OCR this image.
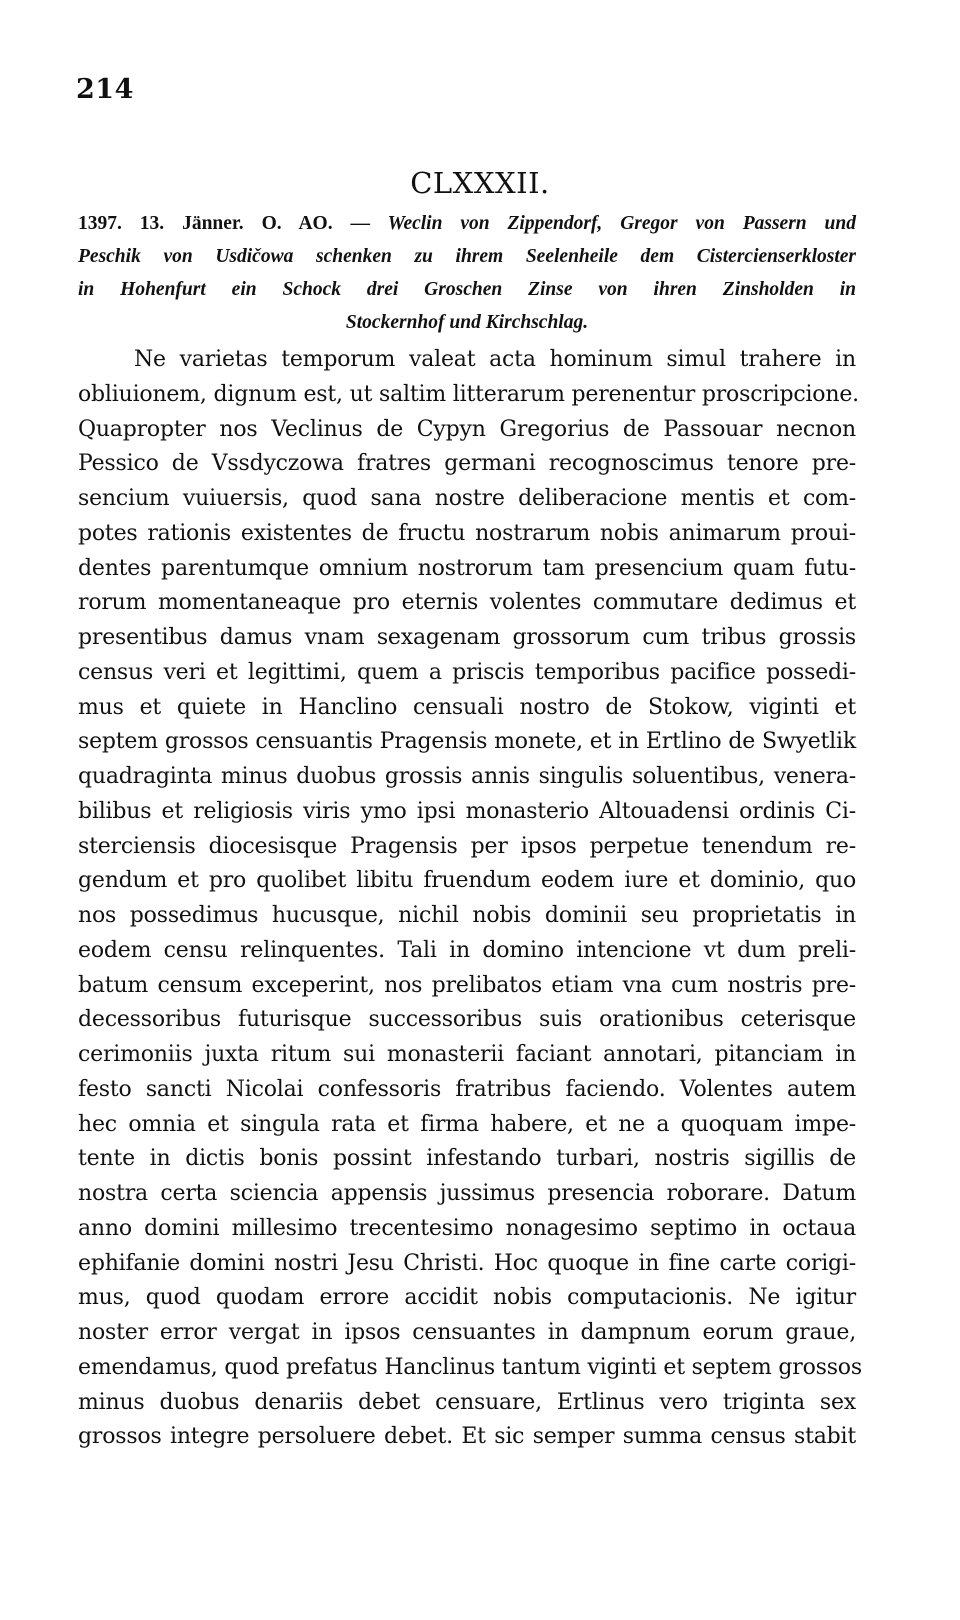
214
CLXXXII.
1397. 13. Jänner. O. AO. — Weclin von Zippendorf, Gregor von Passern und
Peschik von Usdičowa schenken zu ihrem Seelenheile dem Cistercienserkloster
in Hohenfurt ein Schock drei Groschen Zinse von ihren Zinsholden in
Stockernhof und Kirchschlag.
Ne varietas temporum valeat acta hominum simul trahere in
obliuionem, dignum est, ut saltim litterarum perenentur proscripcione.
Quapropter nos Veclinus de Cypyn Gregorius de Passouar necnon
Pessico de Vssdyczowa fratres germani recognoscimus tenore pre-
sencium vuiuersis, quod sana nostre deliberacione mentis et com-
potes rationis existentes de fructu nostrarum nobis animarum proui-
dentes parentumque omnium nostrorum tam presencium quam futu-
rorum momentaneaque pro eternis volentes commutare dedimus et
presentibus damus vnam sexagenam grossorum cum tribus grossis
census veri et legittimi, quem a priscis temporibus pacifice possedi-
mus et quiete in Hanclino censuali nostro de Stokow, viginti et
septem grossos censuantis Pragensis monete, et in Ertlino de Swyetlik
quadraginta minus duobus grossis annis singulis soluentibus, venera-
bilibus et religiosis viris ymo ipsi monasterio Altouadensi ordinis Ci-
sterciensis diocesisque Pragensis per ipsos perpetue tenendum re-
gendum et pro quolibet libitu fruendum eodem iure et dominio, quo
nos possedimus hucusque, nichil nobis dominii seu proprietatis in
eodem censu relinquentes. Tali in domino intencione vt dum preli-
batum censum exceperint, nos prelibatos etiam vna cum nostris pre-
decessoribus futurisque successoribus suis orationibus ceterisque
cerimoniis juxta ritum sui monasterii faciant annotari, pitanciam in
festo sancti Nicolai confessoris fratribus faciendo. Volentes autem
hec omnia et singula rata et firma habere, et ne a quoquam impe-
tente in dictis bonis possint infestando turbari, nostris sigillis de
nostra certa sciencia appensis jussimus presencia roborare. Datum
anno domini millesimo trecentesimo nonagesimo septimo in octaua
ephifanie domini nostri Jesu Christi. Hoc quoque in fine carte corigi-
mus, quod quodam errore accidit nobis computacionis. Ne igitur
noster error vergat in ipsos censuantes in dampnum eorum graue,
emendamus, quod prefatus Hanclinus tantum viginti et septem grossos
minus duobus denariis debet censuare, Ertlinus vero triginta sex
grossos integre persoluere debet. Et sic semper summa census stabit
